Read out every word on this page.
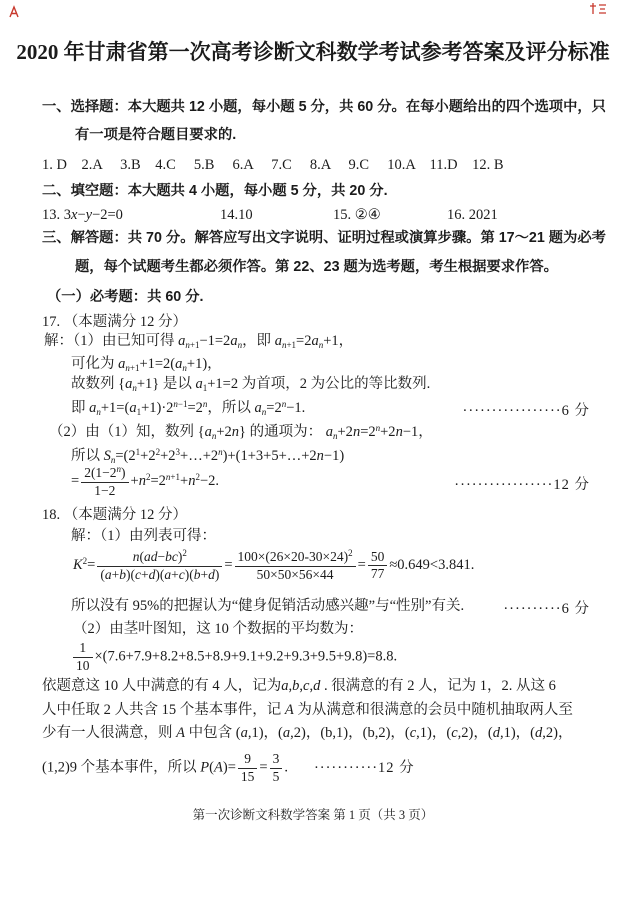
2020 年甘肃省第一次高考诊断文科数学考试参考答案及评分标准
一、选择题：本大题共 12 小题，每小题 5 分，共 60 分。在每小题给出的四个选项中，只
有一项是符合题目要求的.
1. D　2.A　 3.B　4.C　 5.B　 6.A　 7.C　 8.A　 9.C　 10.A　11.D　12. B
二、填空题：本大题共 4 小题，每小题 5 分，共 20 分.
13. 3x−y−2=0	14.10	15. ②④	16. 2021
三、解答题：共 70 分。解答应写出文字说明、证明过程或演算步骤。第 17～21 题为必考
题，每个试题考生都必须作答。第 22、23 题为选考题，考生根据要求作答。
（一）必考题：共 60 分.
17. （本题满分 12 分）
解：（1）由已知可得 $a_{n+1}-1=2a_n$，即 $a_{n+1}=2a_n+1$，
可化为 $a_{n+1}+1=2(a_n+1)$，
故数列 $\{a_n+1\}$ 是以 $a_1+1=2$ 为首项，2 为公比的等比数列.
即 $a_n+1=(a_1+1)\cdot 2^{n-1}=2^n$，所以 $a_n=2^n-1$.	·················6 分
（2）由（1）知，数列 $\{a_n+2n\}$ 的通项为： $a_n+2n=2^n+2n-1$，
所以 $S_n=(2^1+2^2+2^3+\dots+2^n)+(1+3+5+\dots+2n-1)$
= $\frac{2(1-2^n)}{1-2} +n^2=2^{n+1}+n^2-2$.	·················12 分
18. （本题满分 12 分）
解：（1）由列表可得：
$K^2= \frac{n(ad-bc)^2}{(a+b)(c+d)(a+c)(b+d)} = \frac{100\times(26\times 20-30\times 24)^2}{50\times 50\times 56\times 44} = \frac{50}{77} \approx 0.649<3.841$.
所以没有 95%的把握认为“健身促销活动感兴趣”与“性别”有关.	··········6 分
（2）由茎叶图知，这 10 个数据的平均数为：
$\frac{1}{10} \times(7.6+7.9+8.2+8.5+8.9+9.1+9.2+9.3+9.5+9.8)=8.8$.
依题意这 10 人中满意的有 4 人，记为a,b,c,d . 很满意的有 2 人，记为 1，2. 从这 6
人中任取 2 人共含 15 个基本事件，记 A 为从满意和很满意的会员中随机抽取两人至
少有一人很满意，则 A 中包含 (a,1)，(a,2)，(b,1)，(b,2)，(c,1)，(c,2)，(d,1)，(d,2)，
(1,2)9 个基本事件，所以 $P(A)= \frac{9}{15} = \frac{3}{5}$ . ···········12 分
第一次诊断文科数学答案 第 1 页（共 3 页）
